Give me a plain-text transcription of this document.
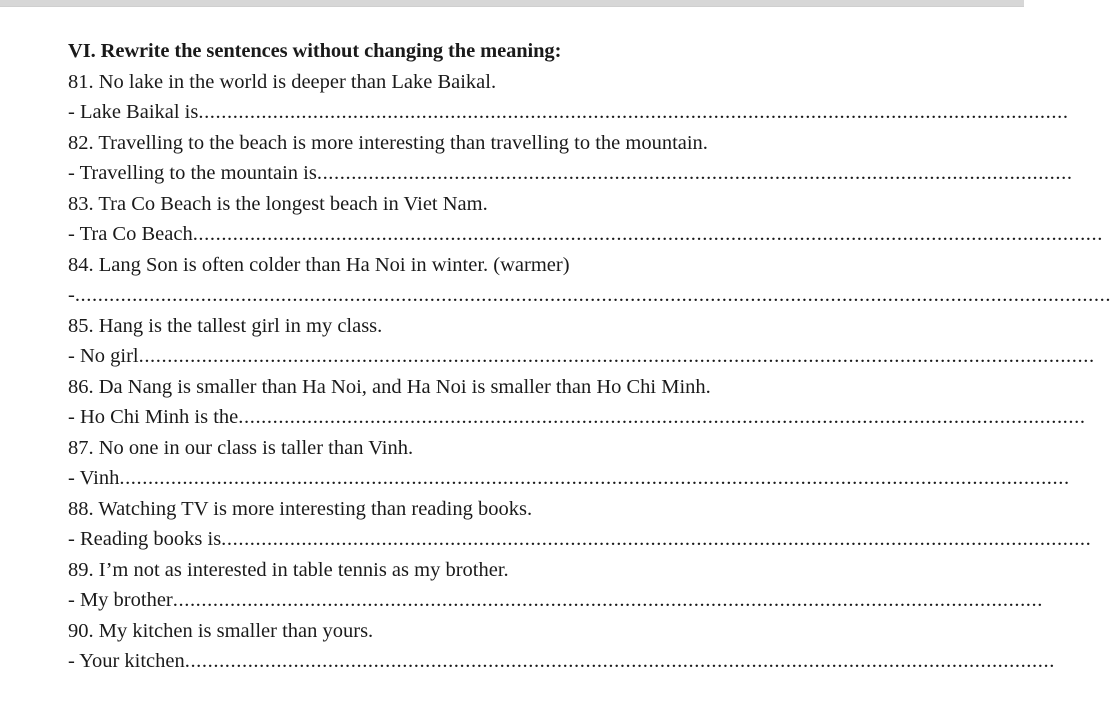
VI. Rewrite the sentences without changing the meaning:
81. No lake in the world is deeper than Lake Baikal.
- Lake Baikal is ........................................................................................................................................................
82. Travelling to the beach is more interesting than travelling to the mountain.
- Travelling to the mountain is ....................................................................................................................................
83. Tra Co Beach is the longest beach in Viet Nam.
- Tra Co Beach ...............................................................................................................................................................
84. Lang Son is often colder than Ha Noi in winter. (warmer)
- .....................................................................................................................................................................................
85. Hang is the tallest girl in my class.
- No girl .......................................................................................................................................................................
86. Da Nang is smaller than Ha Noi, and Ha Noi is smaller than Ho Chi Minh.
- Ho Chi Minh is the ....................................................................................................................................................
87. No one in our class is taller than Vinh.
- Vinh ......................................................................................................................................................................
88. Watching TV is more interesting than reading books.
- Reading books is ........................................................................................................................................................
89. I’m not as interested in table tennis as my brother.
- My brother ........................................................................................................................................................
90. My kitchen is smaller than yours.
- Your kitchen ........................................................................................................................................................
